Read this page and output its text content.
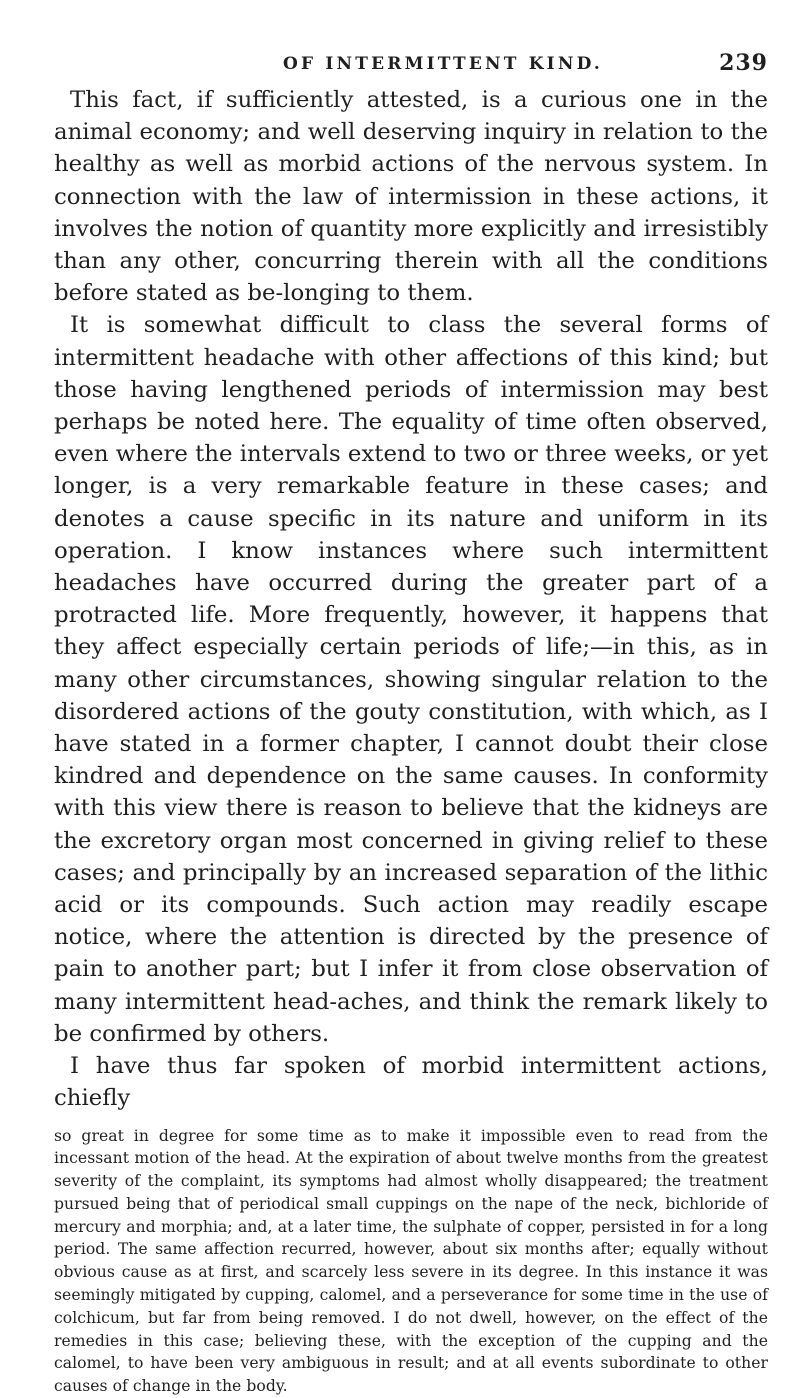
OF INTERMITTENT KIND.	239

This fact, if sufficiently attested, is a curious one in the animal economy; and well deserving inquiry in relation to the healthy as well as morbid actions of the nervous system. In connection with the law of intermission in these actions, it involves the notion of quantity more explicitly and irresistibly than any other, concurring therein with all the conditions before stated as be-longing to them.

It is somewhat difficult to class the several forms of intermittent headache with other affections of this kind; but those having lengthened periods of intermission may best perhaps be noted here. The equality of time often observed, even where the intervals extend to two or three weeks, or yet longer, is a very remarkable feature in these cases; and denotes a cause specific in its nature and uniform in its operation. I know instances where such intermittent headaches have occurred during the greater part of a protracted life. More frequently, however, it happens that they affect especially certain periods of life;—in this, as in many other circumstances, showing singular relation to the disordered actions of the gouty constitution, with which, as I have stated in a former chapter, I cannot doubt their close kindred and dependence on the same causes. In conformity with this view there is reason to believe that the kidneys are the excretory organ most concerned in giving relief to these cases; and principally by an increased separation of the lithic acid or its compounds. Such action may readily escape notice, where the attention is directed by the presence of pain to another part; but I infer it from close observation of many intermittent head-aches, and think the remark likely to be confirmed by others.

I have thus far spoken of morbid intermittent actions, chiefly

so great in degree for some time as to make it impossible even to read from the incessant motion of the head. At the expiration of about twelve months from the greatest severity of the complaint, its symptoms had almost wholly disappeared; the treatment pursued being that of periodical small cuppings on the nape of the neck, bichloride of mercury and morphia; and, at a later time, the sulphate of copper, persisted in for a long period. The same affection recurred, however, about six months after; equally without obvious cause as at first, and scarcely less severe in its degree. In this instance it was seemingly mitigated by cupping, calomel, and a perseverance for some time in the use of colchicum, but far from being removed. I do not dwell, however, on the effect of the remedies in this case; believing these, with the exception of the cupping and the calomel, to have been very ambiguous in result; and at all events subordinate to other causes of change in the body.
